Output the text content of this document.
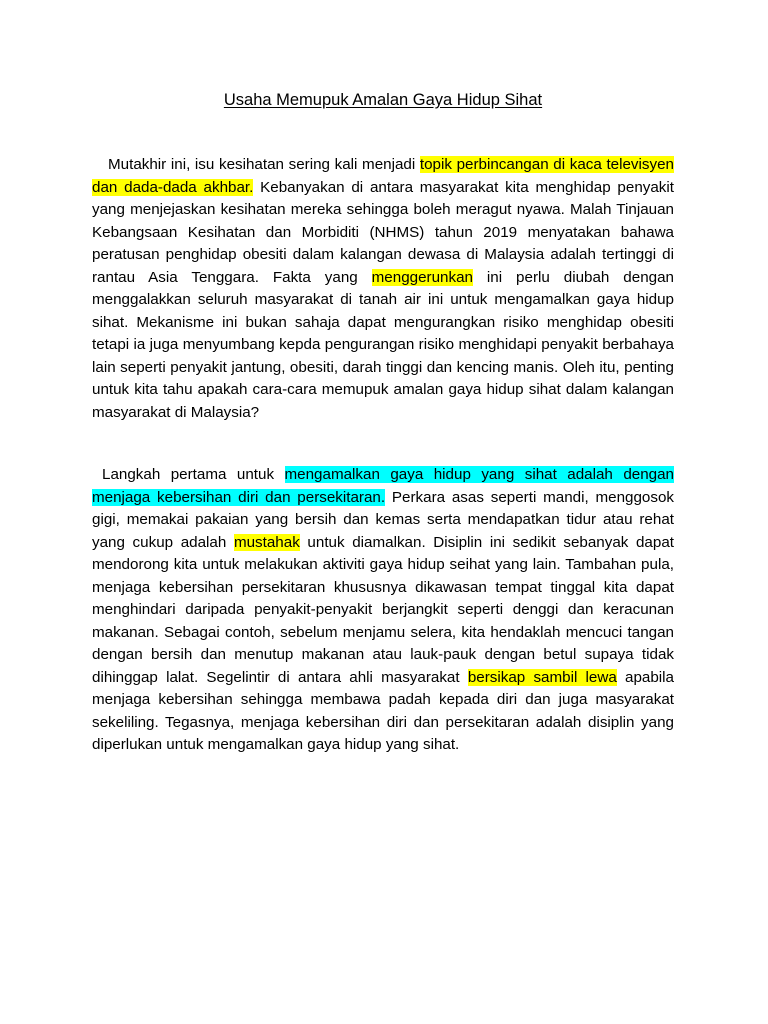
Usaha Memupuk Amalan Gaya Hidup Sihat

Mutakhir ini, isu kesihatan sering kali menjadi topik perbincangan di kaca televisyen dan dada-dada akhbar. Kebanyakan di antara masyarakat kita menghidap penyakit yang menjejaskan kesihatan mereka sehingga boleh meragut nyawa. Malah Tinjauan Kebangsaan Kesihatan dan Morbiditi (NHMS) tahun 2019 menyatakan bahawa peratusan penghidap obesiti dalam kalangan dewasa di Malaysia adalah tertinggi di rantau Asia Tenggara. Fakta yang menggerunkan ini perlu diubah dengan menggalakkan seluruh masyarakat di tanah air ini untuk mengamalkan gaya hidup sihat. Mekanisme ini bukan sahaja dapat mengurangkan risiko menghidap obesiti tetapi ia juga menyumbang kepda pengurangan risiko menghidapi penyakit berbahaya lain seperti penyakit jantung, obesiti, darah tinggi dan kencing manis. Oleh itu, penting untuk kita tahu apakah cara-cara memupuk amalan gaya hidup sihat dalam kalangan masyarakat di Malaysia?

Langkah pertama untuk mengamalkan gaya hidup yang sihat adalah dengan menjaga kebersihan diri dan persekitaran. Perkara asas seperti mandi, menggosok gigi, memakai pakaian yang bersih dan kemas serta mendapatkan tidur atau rehat yang cukup adalah mustahak untuk diamalkan. Disiplin ini sedikit sebanyak dapat mendorong kita untuk melakukan aktiviti gaya hidup seihat yang lain. Tambahan pula, menjaga kebersihan persekitaran khususnya dikawasan tempat tinggal kita dapat menghindari daripada penyakit-penyakit berjangkit seperti denggi dan keracunan makanan. Sebagai contoh, sebelum menjamu selera, kita hendaklah mencuci tangan dengan bersih dan menutup makanan atau lauk-pauk dengan betul supaya tidak dihinggap lalat. Segelintir di antara ahli masyarakat bersikap sambil lewa apabila menjaga kebersihan sehingga membawa padah kepada diri dan juga masyarakat sekeliling. Tegasnya, menjaga kebersihan diri dan persekitaran adalah disiplin yang diperlukan untuk mengamalkan gaya hidup yang sihat.
